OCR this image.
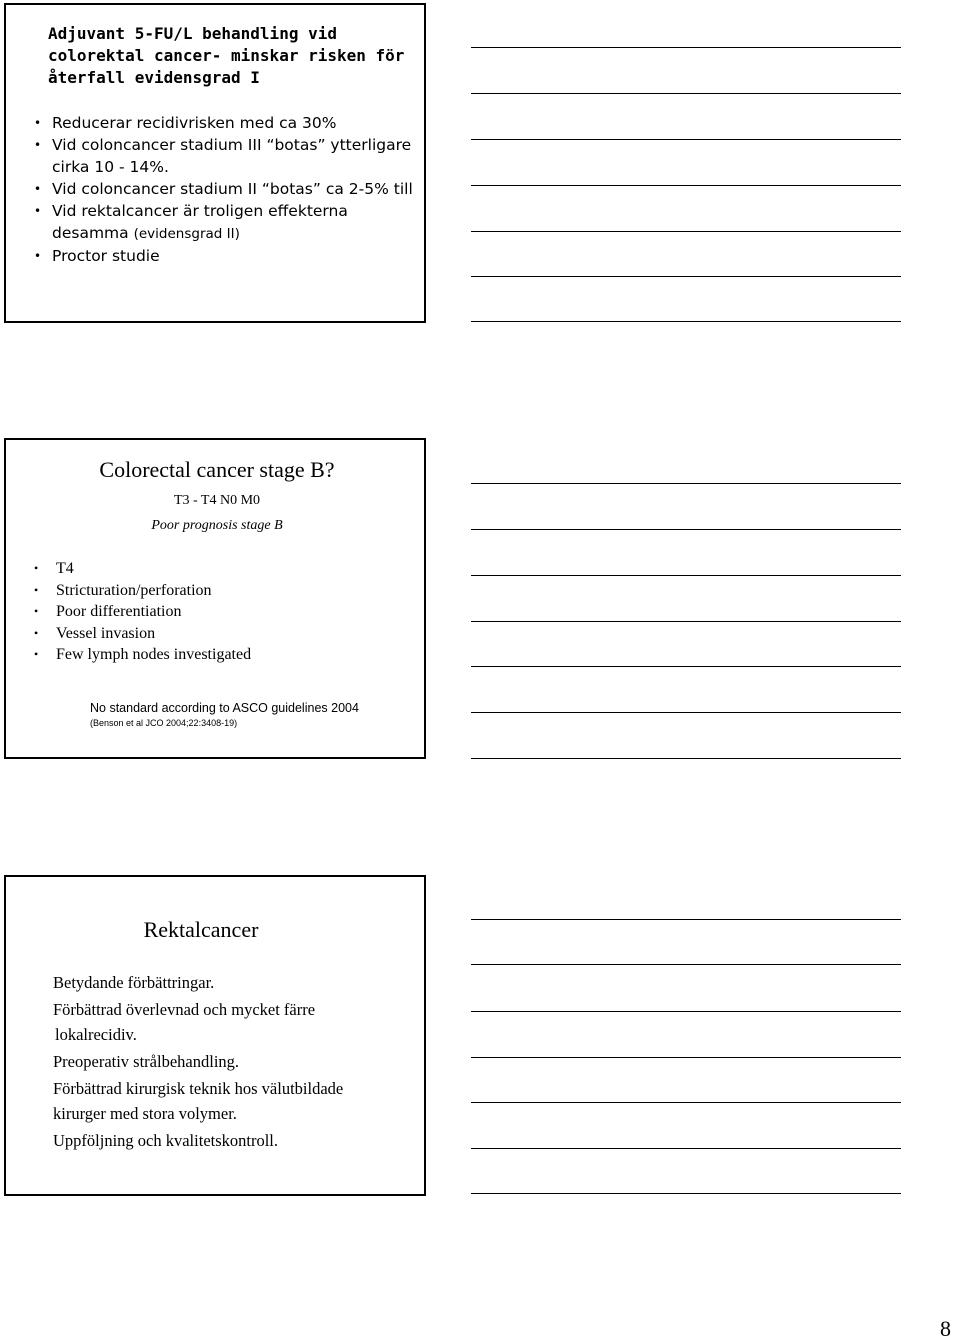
Adjuvant 5-FU/L behandling vid colorektal cancer- minskar risken för återfall evidensgrad I
• Reducerar recidivrisken med ca 30%
• Vid coloncancer stadium III “botas” ytterligare cirka 10 - 14%.
• Vid coloncancer stadium II “botas” ca 2-5% till
• Vid rektalcancer är troligen effekterna desamma (evidensgrad II)
• Proctor studie
Colorectal cancer stage B?
T3 - T4 N0 M0
Poor prognosis stage B
• T4
• Stricturation/perforation
• Poor differentiation
• Vessel invasion
• Few lymph nodes investigated
No standard according to ASCO guidelines 2004
(Benson et al JCO 2004;22:3408-19)
Rektalcancer
Betydande förbättringar.
Förbättrad överlevnad och mycket färre
lokalrecidiv.
Preoperativ strålbehandling.
Förbättrad kirurgisk teknik hos välutbildade
kirurger med stora volymer.
Uppföljning och kvalitetskontroll.
8
